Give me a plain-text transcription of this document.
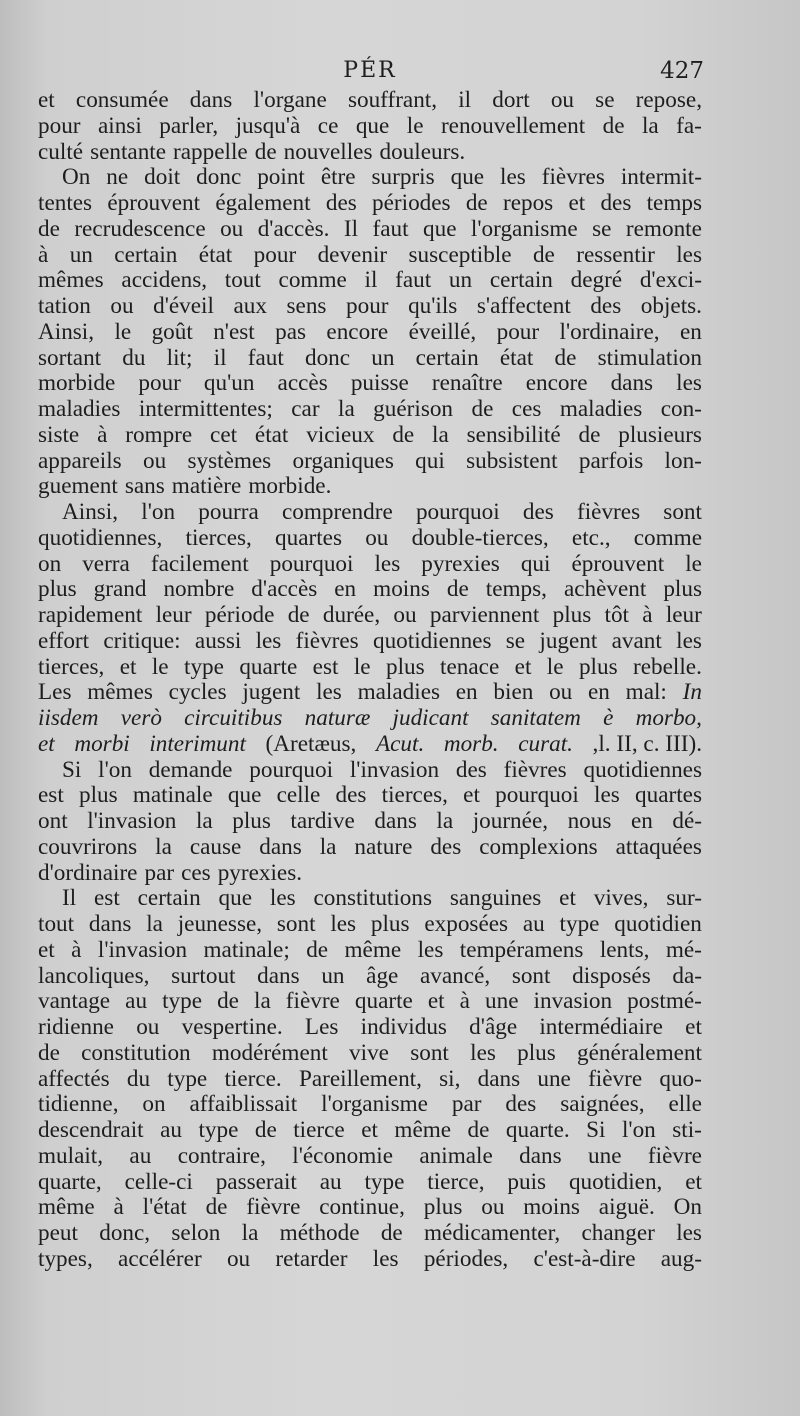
PÉR	427
et consumée dans l'organe souffrant, il dort ou se repose,
pour ainsi parler, jusqu'à ce que le renouvellement de la fa-
culté sentante rappelle de nouvelles douleurs.
On ne doit donc point être surpris que les fièvres intermit-
tentes éprouvent également des périodes de repos et des temps
de recrudescence ou d'accès. Il faut que l'organisme se remonte
à un certain état pour devenir susceptible de ressentir les
mêmes accidens, tout comme il faut un certain degré d'exci-
tation ou d'éveil aux sens pour qu'ils s'affectent des objets.
Ainsi, le goût n'est pas encore éveillé, pour l'ordinaire, en
sortant du lit; il faut donc un certain état de stimulation
morbide pour qu'un accès puisse renaître encore dans les
maladies intermittentes; car la guérison de ces maladies con-
siste à rompre cet état vicieux de la sensibilité de plusieurs
appareils ou systèmes organiques qui subsistent parfois lon-
guement sans matière morbide.
Ainsi, l'on pourra comprendre pourquoi des fièvres sont
quotidiennes, tierces, quartes ou double-tierces, etc., comme
on verra facilement pourquoi les pyrexies qui éprouvent le
plus grand nombre d'accès en moins de temps, achèvent plus
rapidement leur période de durée, ou parviennent plus tôt à leur
effort critique: aussi les fièvres quotidiennes se jugent avant les
tierces, et le type quarte est le plus tenace et le plus rebelle.
Les mêmes cycles jugent les maladies en bien ou en mal: In
iisdem verò circuitibus naturæ judicant sanitatem è morbo,
et morbi interimunt (Aretæus, Acut. morb. curat. ,l. II, c. III).
Si l'on demande pourquoi l'invasion des fièvres quotidiennes
est plus matinale que celle des tierces, et pourquoi les quartes
ont l'invasion la plus tardive dans la journée, nous en dé-
couvrirons la cause dans la nature des complexions attaquées
d'ordinaire par ces pyrexies.
Il est certain que les constitutions sanguines et vives, sur-
tout dans la jeunesse, sont les plus exposées au type quotidien
et à l'invasion matinale; de même les tempéramens lents, mé-
lancoliques, surtout dans un âge avancé, sont disposés da-
vantage au type de la fièvre quarte et à une invasion postmé-
ridienne ou vespertine. Les individus d'âge intermédiaire et
de constitution modérément vive sont les plus généralement
affectés du type tierce. Pareillement, si, dans une fièvre quo-
tidienne, on affaiblissait l'organisme par des saignées, elle
descendrait au type de tierce et même de quarte. Si l'on sti-
mulait, au contraire, l'économie animale dans une fièvre
quarte, celle-ci passerait au type tierce, puis quotidien, et
même à l'état de fièvre continue, plus ou moins aiguë. On
peut donc, selon la méthode de médicamenter, changer les
types, accélérer ou retarder les périodes, c'est-à-dire aug-
